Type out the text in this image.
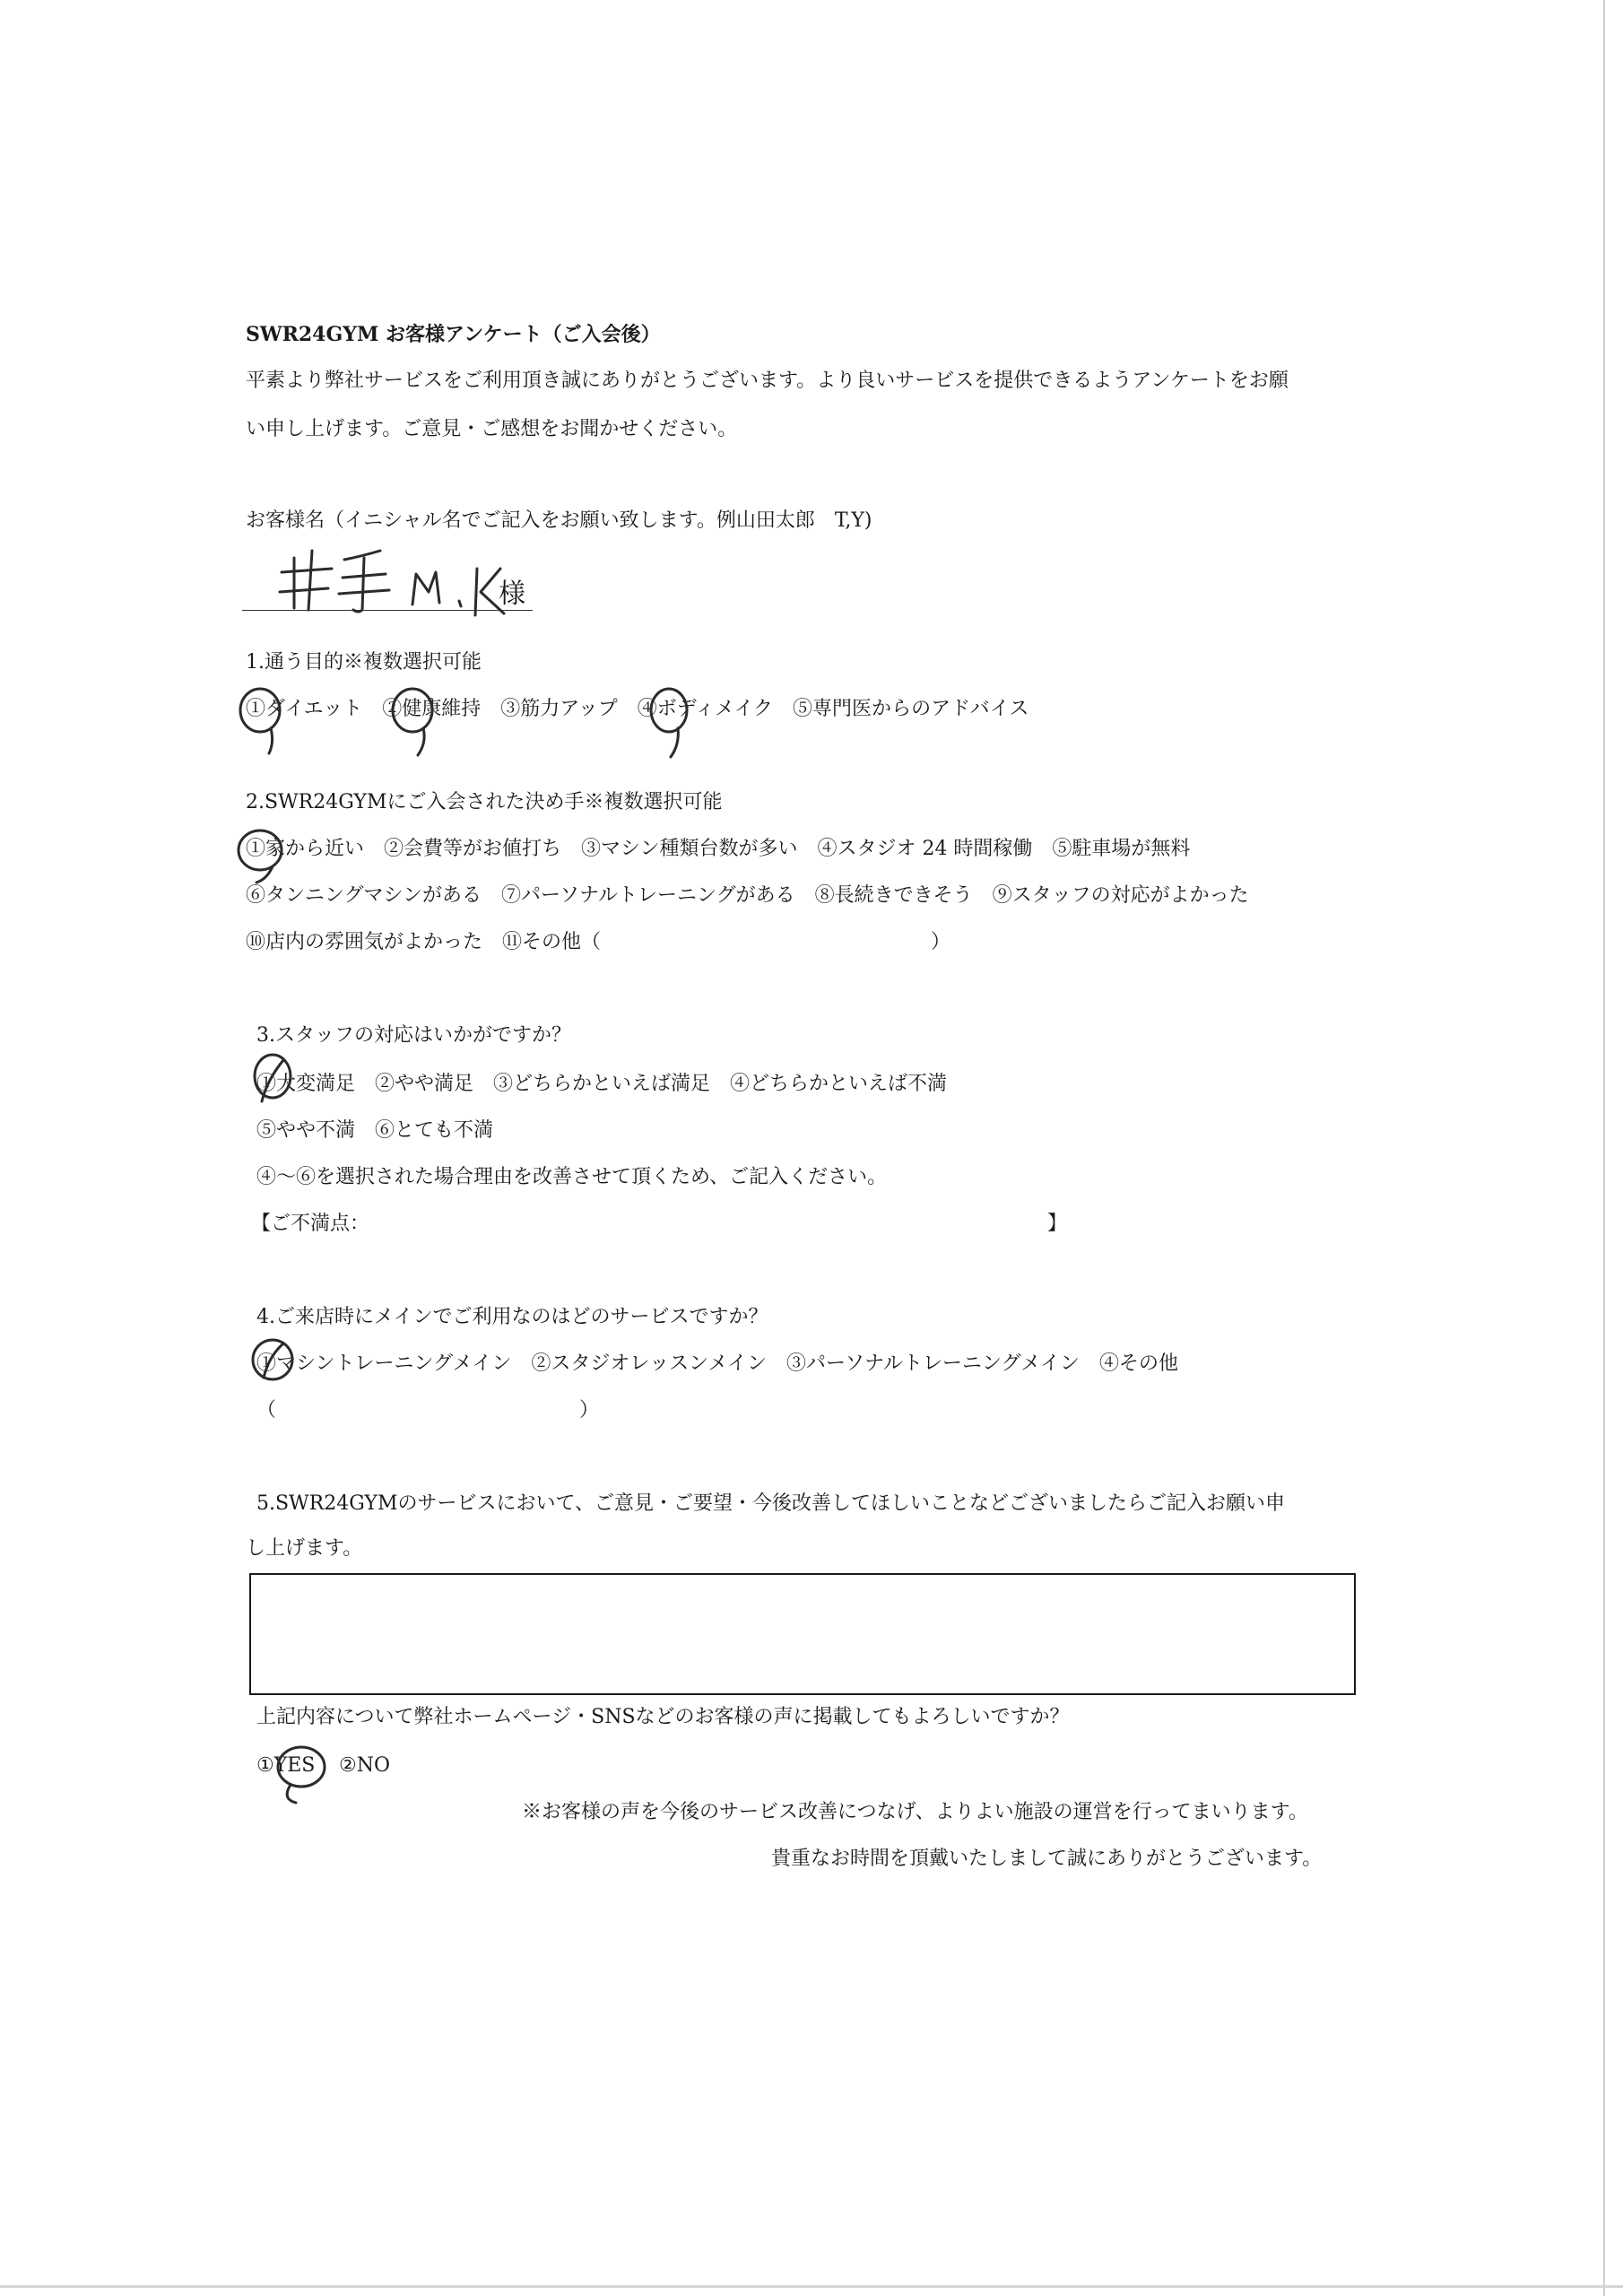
SWR24GYM お客様アンケート（ご入会後）
平素より弊社サービスをご利用頂き誠にありがとうございます。より良いサービスを提供できるようアンケートをお願
い申し上げます。ご意見・ご感想をお聞かせください。
お客様名（イニシャル名でご記入をお願い致します。例山田太郎　T,Y)
様
1.通う目的※複数選択可能
①ダイエット　②健康維持　③筋力アップ　④ボディメイク　⑤専門医からのアドバイス
2.SWR24GYMにご入会された決め手※複数選択可能
①家から近い　②会費等がお値打ち　③マシン種類台数が多い　④スタジオ 24 時間稼働　⑤駐車場が無料
⑥タンニングマシンがある　⑦パーソナルトレーニングがある　⑧長続きできそう　⑨スタッフの対応がよかった
⑩店内の雰囲気がよかった　⑪その他（	）
3.スタッフの対応はいかがですか？
①大変満足　②やや満足　③どちらかといえば満足　④どちらかといえば不満
⑤やや不満　⑥とても不満
④～⑥を選択された場合理由を改善させて頂くため、ご記入ください。
【ご不満点：	】
4.ご来店時にメインでご利用なのはどのサービスですか？
①マシントレーニングメイン　②スタジオレッスンメイン　③パーソナルトレーニングメイン　④その他
（	）
5.SWR24GYMのサービスにおいて、ご意見・ご要望・今後改善してほしいことなどございましたらご記入お願い申
し上げます。
上記内容について弊社ホームページ・SNSなどのお客様の声に掲載してもよろしいですか？
①YES ②NO
※お客様の声を今後のサービス改善につなげ、よりよい施設の運営を行ってまいります。
貴重なお時間を頂戴いたしまして誠にありがとうございます。
